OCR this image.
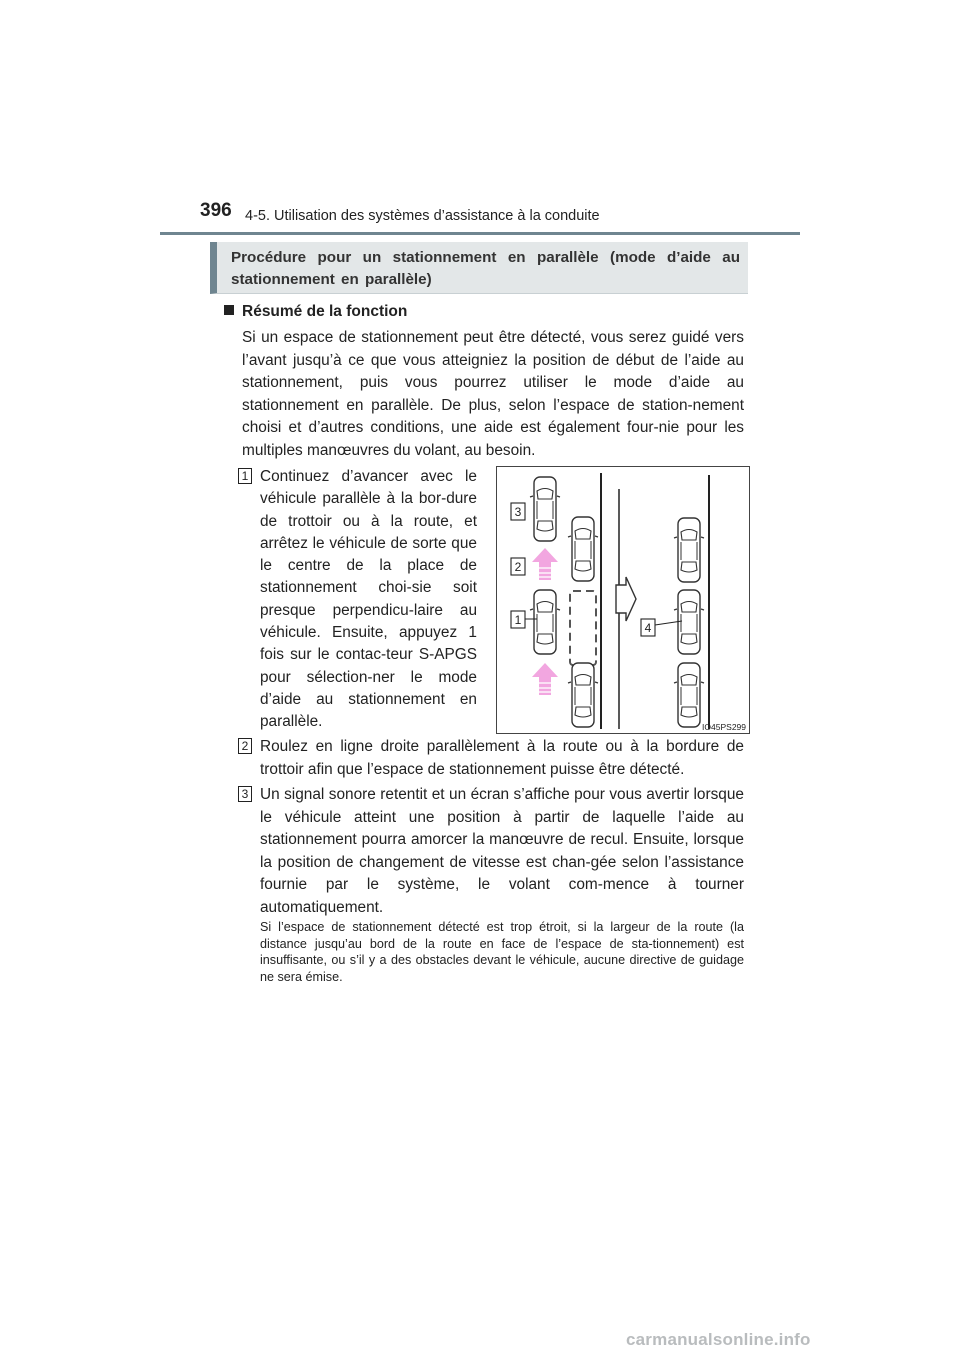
396 4-5. Utilisation des systèmes d’assistance à la conduite
Procédure pour un stationnement en parallèle (mode d’aide au stationnement en parallèle)
Résumé de la fonction
Si un espace de stationnement peut être détecté, vous serez guidé vers l’avant jusqu’à ce que vous atteigniez la position de début de l’aide au stationnement, puis vous pourrez utiliser le mode d’aide au stationnement en parallèle. De plus, selon l’espace de station-nement choisi et d’autres conditions, une aide est également four-nie pour les multiples manœuvres du volant, au besoin.
1 Continuez d’avancer avec le véhicule parallèle à la bor-dure de trottoir ou à la route, et arrêtez le véhicule de sorte que le centre de la place de stationnement choi-sie soit presque perpendicu-laire au véhicule. Ensuite, appuyez 1 fois sur le contac-teur S-APGS pour sélection-ner le mode d’aide au stationnement en parallèle.
3
2
1
4
IO45PS299
2 Roulez en ligne droite parallèlement à la route ou à la bordure de trottoir afin que l’espace de stationnement puisse être détecté.
3 Un signal sonore retentit et un écran s’affiche pour vous avertir lorsque le véhicule atteint une position à partir de laquelle l’aide au stationnement pourra amorcer la manœuvre de recul. Ensuite, lorsque la position de changement de vitesse est chan-gée selon l’assistance fournie par le système, le volant com-mence à tourner automatiquement.
Si l’espace de stationnement détecté est trop étroit, si la largeur de la route (la distance jusqu’au bord de la route en face de l’espace de sta-tionnement) est insuffisante, ou s’il y a des obstacles devant le véhicule, aucune directive de guidage ne sera émise.
carmanualsonline.info
